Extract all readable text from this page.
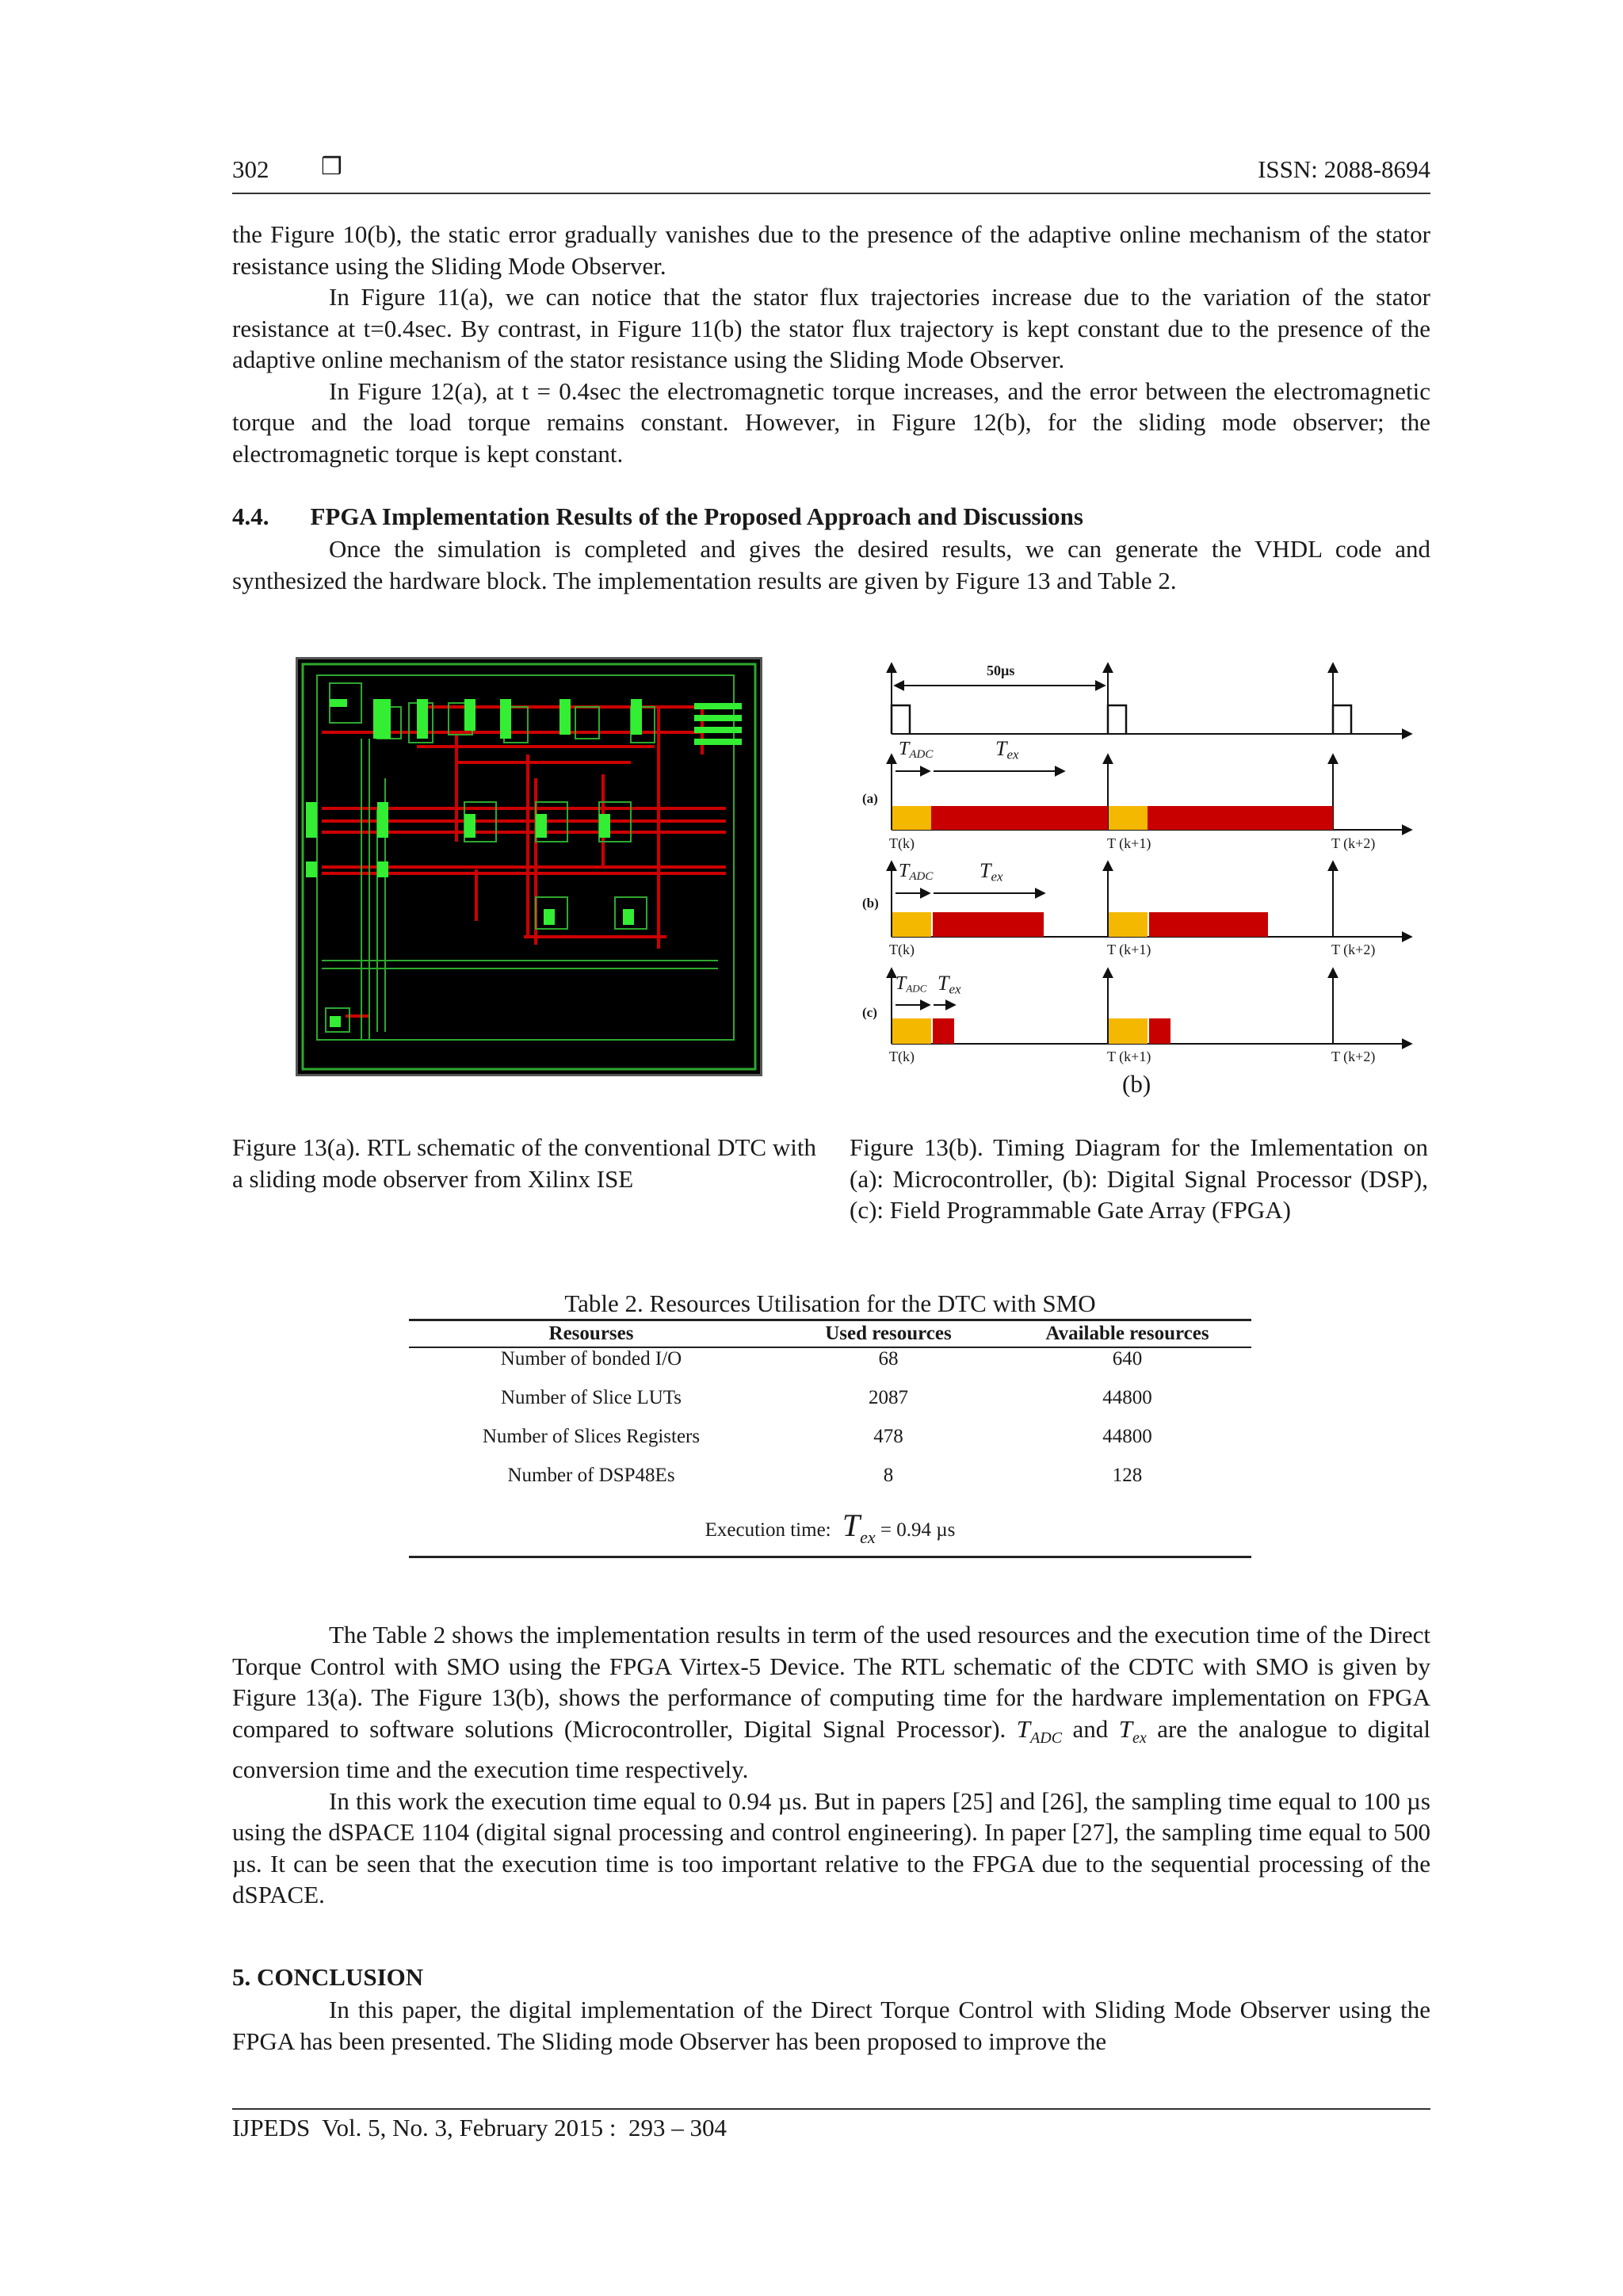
302 ❒	ISSN: 2088-8694

the Figure 10(b), the static error gradually vanishes due to the presence of the adaptive online mechanism of the stator resistance using the Sliding Mode Observer.

In Figure 11(a), we can notice that the stator flux trajectories increase due to the variation of the stator resistance at t=0.4sec. By contrast, in Figure 11(b) the stator flux trajectory is kept constant due to the presence of the adaptive online mechanism of the stator resistance using the Sliding Mode Observer.

In Figure 12(a), at t = 0.4sec the electromagnetic torque increases, and the error between the electromagnetic torque and the load torque remains constant. However, in Figure 12(b), for the sliding mode observer; the electromagnetic torque is kept constant.

4.4. FPGA Implementation Results of the Proposed Approach and Discussions

Once the simulation is completed and gives the desired results, we can generate the VHDL code and synthesized the hardware block. The implementation results are given by Figure 13 and Table 2.

50µs
$T_{ADC}$	$T_{ex}$
(a)
T(k)	T (k+1)	T (k+2)
$T_{ADC}$ $T_{ex}$
(b)
T(k)	T (k+1)	T (k+2)
$T_{ADC}$ $T_{ex}$
(c)
T(k)	T (k+1)	T (k+2)
(b)
Figure 13(a). RTL schematic of the conventional DTC with a sliding mode observer from Xilinx ISE
Figure 13(b). Timing Diagram for the Imlementation on (a): Microcontroller, (b): Digital Signal Processor (DSP), (c): Field Programmable Gate Array (FPGA)
Table 2. Resources Utilisation for the DTC with SMO
Resourses	Used resources	Available resources
Number of bonded I/O	68	640
Number of Slice LUTs	2087	44800
Number of Slices Registers	478	44800
Number of DSP48Es	8	128
Execution time: Tex = 0.94 µs		

The Table 2 shows the implementation results in term of the used resources and the execution time of the Direct Torque Control with SMO using the FPGA Virtex-5 Device. The RTL schematic of the CDTC with SMO is given by Figure 13(a). The Figure 13(b), shows the performance of computing time for the hardware implementation on FPGA compared to software solutions (Microcontroller, Digital Signal Processor). $T_{ADC}$ and $T_{ex}$ are the analogue to digital conversion time and the execution time respectively.

In this work the execution time equal to 0.94 µs. But in papers [25] and [26], the sampling time equal to 100 µs using the dSPACE 1104 (digital signal processing and control engineering). In paper [27], the sampling time equal to 500 µs. It can be seen that the execution time is too important relative to the FPGA due to the sequential processing of the dSPACE.

5. CONCLUSION

In this paper, the digital implementation of the Direct Torque Control with Sliding Mode Observer using the FPGA has been presented. The Sliding mode Observer has been proposed to improve the

IJPEDS  Vol. 5, No. 3, February 2015 :  293 – 304
